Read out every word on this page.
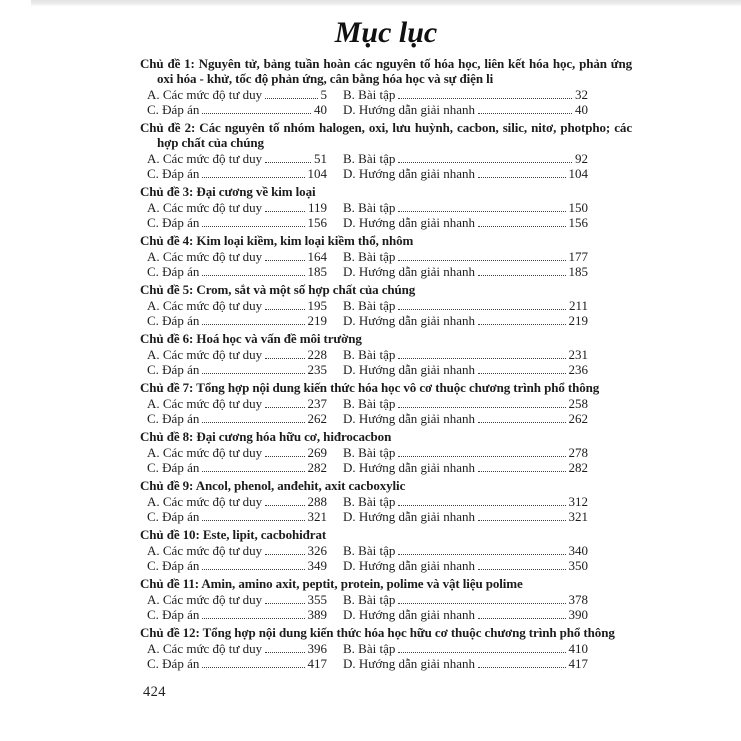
Mục lục
Chủ đề 1: Nguyên tử, bảng tuần hoàn các nguyên tố hóa học, liên kết hóa học, phản ứng oxi hóa - khử, tốc độ phản ứng, cân bằng hóa học và sự điện li
A. Các mức độ tư duy	5 B. Bài tập	32
C. Đáp án	40 D. Hướng dẫn giải nhanh	40
Chủ đề 2: Các nguyên tố nhóm halogen, oxi, lưu huỳnh, cacbon, silic, nitơ, photpho; các hợp chất của chúng
A. Các mức độ tư duy	51 B. Bài tập	92
C. Đáp án	104 D. Hướng dẫn giải nhanh	104
Chủ đề 3: Đại cương về kim loại
A. Các mức độ tư duy	119 B. Bài tập	150
C. Đáp án	156 D. Hướng dẫn giải nhanh	156
Chủ đề 4: Kim loại kiềm, kim loại kiềm thổ, nhôm
A. Các mức độ tư duy	164 B. Bài tập	177
C. Đáp án	185 D. Hướng dẫn giải nhanh	185
Chủ đề 5: Crom, sắt và một số hợp chất của chúng
A. Các mức độ tư duy	195 B. Bài tập	211
C. Đáp án	219 D. Hướng dẫn giải nhanh	219
Chủ đề 6: Hoá học và vấn đề môi trường
A. Các mức độ tư duy	228 B. Bài tập	231
C. Đáp án	235 D. Hướng dẫn giải nhanh	236
Chủ đề 7: Tổng hợp nội dung kiến thức hóa học vô cơ thuộc chương trình phổ thông
A. Các mức độ tư duy	237 B. Bài tập	258
C. Đáp án	262 D. Hướng dẫn giải nhanh	262
Chủ đề 8: Đại cương hóa hữu cơ, hiđrocacbon
A. Các mức độ tư duy	269 B. Bài tập	278
C. Đáp án	282 D. Hướng dẫn giải nhanh	282
Chủ đề 9: Ancol, phenol, anđehit, axit cacboxylic
A. Các mức độ tư duy	288 B. Bài tập	312
C. Đáp án	321 D. Hướng dẫn giải nhanh	321
Chủ đề 10: Este, lipit, cacbohiđrat
A. Các mức độ tư duy	326 B. Bài tập	340
C. Đáp án	349 D. Hướng dẫn giải nhanh	350
Chủ đề 11: Amin, amino axit, peptit, protein, polime và vật liệu polime
A. Các mức độ tư duy	355 B. Bài tập	378
C. Đáp án	389 D. Hướng dẫn giải nhanh	390
Chủ đề 12: Tổng hợp nội dung kiến thức hóa học hữu cơ thuộc chương trình phổ thông
A. Các mức độ tư duy	396 B. Bài tập	410
C. Đáp án	417 D. Hướng dẫn giải nhanh	417
424
